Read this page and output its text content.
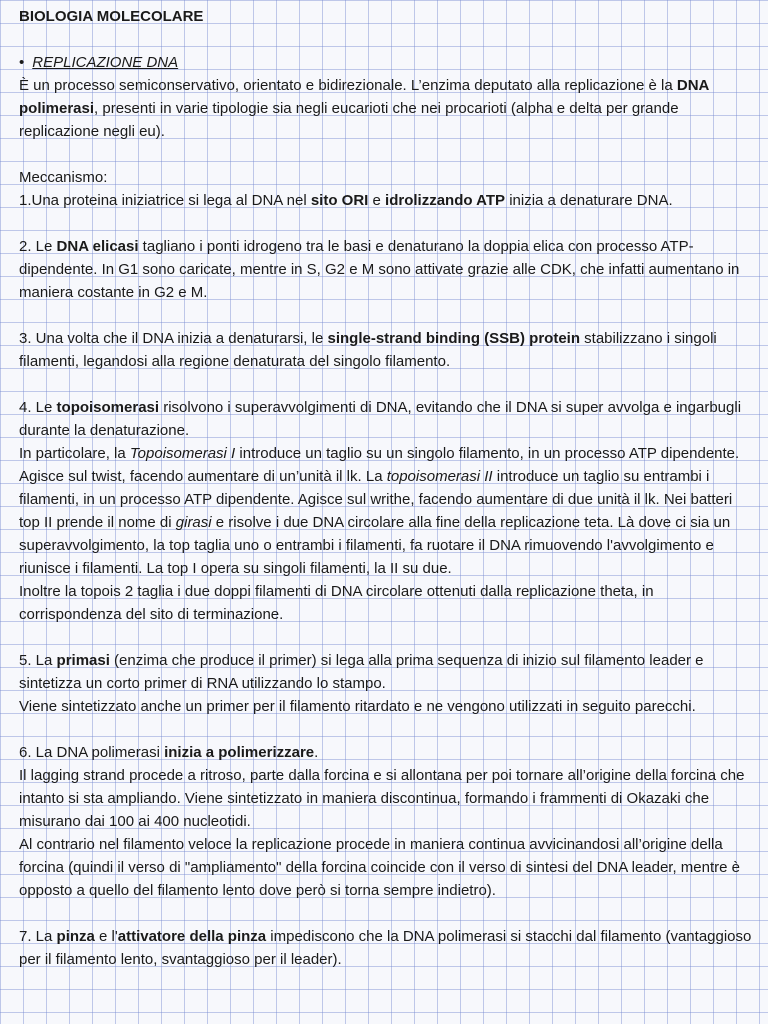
BIOLOGIA MOLECOLARE

• REPLICAZIONE DNA

È un processo semiconservativo, orientato e bidirezionale. L’enzima deputato alla replicazione è la DNA polimerasi, presenti in varie tipologie sia negli eucarioti che nei procarioti (alpha e delta per grande replicazione negli eu).

Meccanismo:

1.Una proteina iniziatrice si lega al DNA nel sito ORI e idrolizzando ATP inizia a denaturare DNA.

2. Le DNA elicasi tagliano i ponti idrogeno tra le basi e denaturano la doppia elica con processo ATP-dipendente. In G1 sono caricate, mentre in S, G2 e M sono attivate grazie alle CDK, che infatti aumentano in maniera costante in G2 e M.

3. Una volta che il DNA inizia a denaturarsi, le single-strand binding (SSB) protein stabilizzano i singoli filamenti, legandosi alla regione denaturata del singolo filamento.

4. Le topoisomerasi risolvono i superavvolgimenti di DNA, evitando che il DNA si super avvolga e ingarbugli durante la denaturazione.

In particolare, la Topoisomerasi I introduce un taglio su un singolo filamento, in un processo ATP dipendente. Agisce sul twist, facendo aumentare di un’unità il lk. La topoisomerasi II introduce un taglio su entrambi i filamenti, in un processo ATP dipendente. Agisce sul writhe, facendo aumentare di due unità il lk. Nei batteri top II prende il nome di girasi e risolve i due DNA circolare alla fine della replicazione teta. Là dove ci sia un superavvolgimento, la top taglia uno o entrambi i filamenti, fa ruotare il DNA rimuovendo l'avvolgimento e riunisce i filamenti. La top I opera su singoli filamenti, la II su due.

Inoltre la topois 2 taglia i due doppi filamenti di DNA circolare ottenuti dalla replicazione theta, in corrispondenza del sito di terminazione.

5. La primasi (enzima che produce il primer) si lega alla prima sequenza di inizio sul filamento leader e sintetizza un corto primer di RNA utilizzando lo stampo.

Viene sintetizzato anche un primer per il filamento ritardato e ne vengono utilizzati in seguito parecchi.

6. La DNA polimerasi inizia a polimerizzare.

Il lagging strand procede a ritroso, parte dalla forcina e si allontana per poi tornare all’origine della forcina che intanto si sta ampliando. Viene sintetizzato in maniera discontinua, formando i frammenti di Okazaki che misurano dai 100 ai 400 nucleotidi.

Al contrario nel filamento veloce la replicazione procede in maniera continua avvicinandosi all’origine della forcina (quindi il verso di "ampliamento" della forcina coincide con il verso di sintesi del DNA leader, mentre è opposto a quello del filamento lento dove però si torna sempre indietro).

7. La pinza e l'attivatore della pinza impediscono che la DNA polimerasi si stacchi dal filamento (vantaggioso per il filamento lento, svantaggioso per il leader).
